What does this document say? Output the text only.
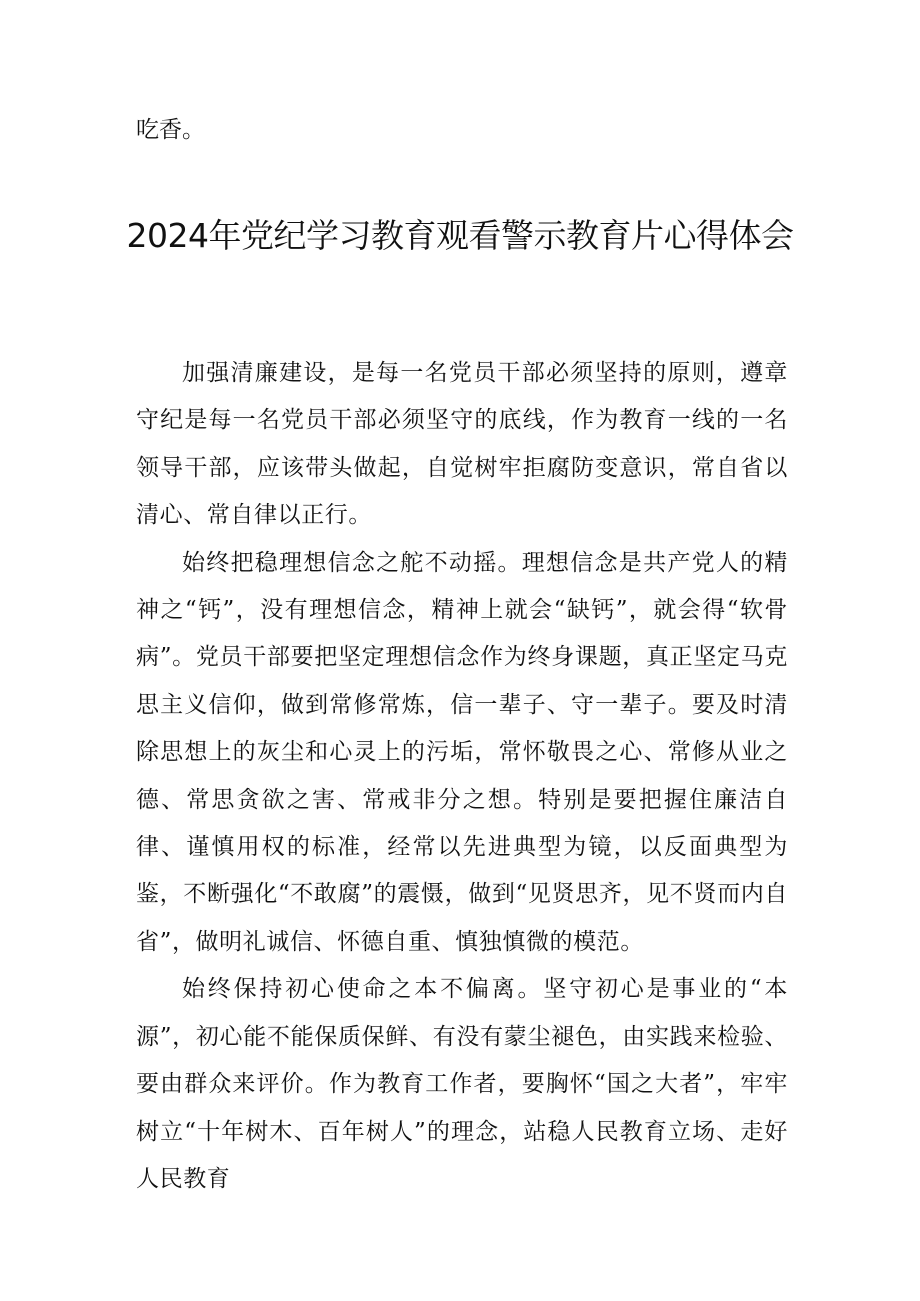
吃香。

2024年党纪学习教育观看警示教育片心得体会

加强清廉建设，是每一名党员干部必须坚持的原则，遵章守纪是每一名党员干部必须坚守的底线，作为教育一线的一名领导干部，应该带头做起，自觉树牢拒腐防变意识，常自省以清心、常自律以正行。

始终把稳理想信念之舵不动摇。理想信念是共产党人的精神之“钙”，没有理想信念，精神上就会“缺钙”，就会得“软骨病”。党员干部要把坚定理想信念作为终身课题，真正坚定马克思主义信仰，做到常修常炼，信一辈子、守一辈子。要及时清除思想上的灰尘和心灵上的污垢，常怀敬畏之心、常修从业之德、常思贪欲之害、常戒非分之想。特别是要把握住廉洁自律、谨慎用权的标准，经常以先进典型为镜，以反面典型为鉴，不断强化“不敢腐”的震慑，做到“见贤思齐，见不贤而内自省”，做明礼诚信、怀德自重、慎独慎微的模范。

始终保持初心使命之本不偏离。坚守初心是事业的“本源”，初心能不能保质保鲜、有没有蒙尘褪色，由实践来检验、要由群众来评价。作为教育工作者，要胸怀“国之大者”，牢牢树立“十年树木、百年树人”的理念，站稳人民教育立场、走好人民教育
